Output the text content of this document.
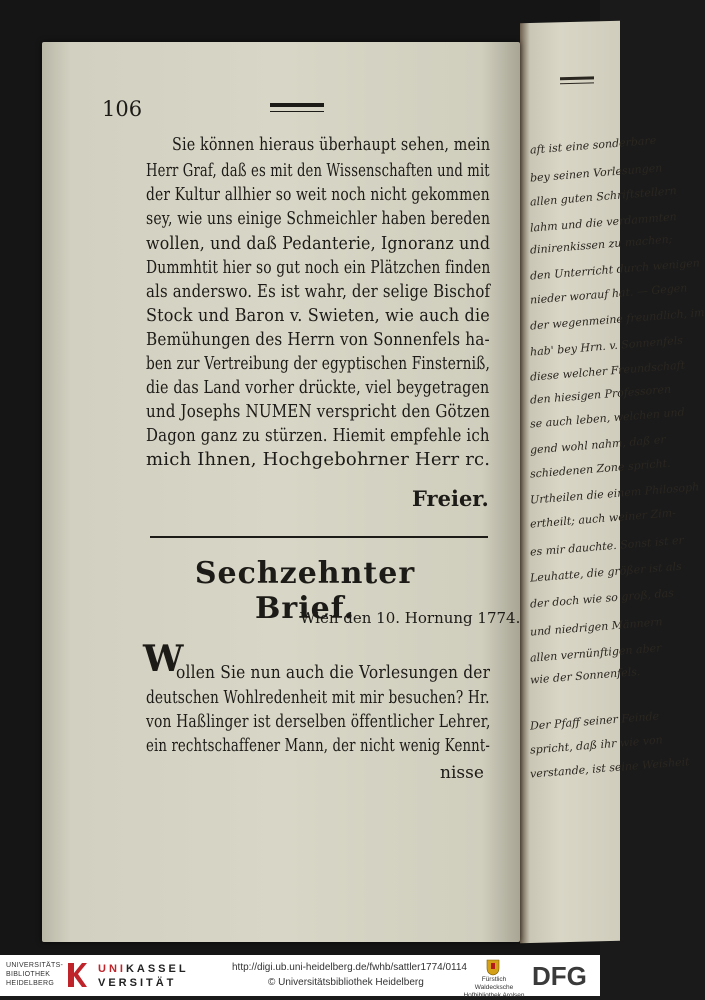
aft ist eine sonderbare
bey seinen Vorlesungen
allen guten Schriftstellern
lahm und die verdammten
dinirenkissen zu machen;
den Unterricht durch wenigen
nieder worauf hat. — Gegen
der wegenmeine freundlich, im
hab' bey Hrn. v. Sonnenfels
diese welcher Freundschaft
den hiesigen Professoren
se auch leben, welchen und
gend wohl nahm, daß er
schiedenen Zone spricht.
Urtheilen die einem Philosoph
ertheilt; auch weiner Zim-
es mir dauchte. Sonst ist er
Leuhatte, die größer ist als
der doch wie so groß, das
und niedrigen Männern
allen vernünftigen aber
wie der Sonnenfels.
Der Pfaff seiner Feinde
spricht, daß ihr wie von
verstande, ist seine Weisheit
106
Sie können hieraus überhaupt sehen, mein
Herr Graf, daß es mit den Wissenschaften und mit
der Kultur allhier so weit noch nicht gekommen
sey, wie uns einige Schmeichler haben bereden
wollen, und daß Pedanterie, Ignoranz und
Dummhtit hier so gut noch ein Plätzchen finden
als anderswo. Es ist wahr, der selige Bischof
Stock und Baron v. Swieten, wie auch die
Bemühungen des Herrn von Sonnenfels ha-
ben zur Vertreibung der egyptischen Finsterniß,
die das Land vorher drückte, viel beygetragen
und Josephs NUMEN verspricht den Götzen
Dagon ganz zu stürzen. Hiemit empfehle ich
mich Ihnen, Hochgebohrner Herr rc.
Freier.
Sechzehnter Brief.
Wien den 10. Hornung 1774.
W
ollen Sie nun auch die Vorlesungen der
deutschen Wohlredenheit mit mir besuchen? Hr.
von Haßlinger ist derselben öffentlicher Lehrer,
ein rechtschaffener Mann, der nicht wenig Kennt-
nisse
UNIVERSITÄTS-
BIBLIOTHEK
HEIDELBERG
UNIKASSEL
VERSITÄT
http://digi.ub.uni-heidelberg.de/fwhb/sattler1774/0114
© Universitätsbibliothek Heidelberg	Fürstlich Waldecksche
Hofbibliothek Arolsen
DFG
